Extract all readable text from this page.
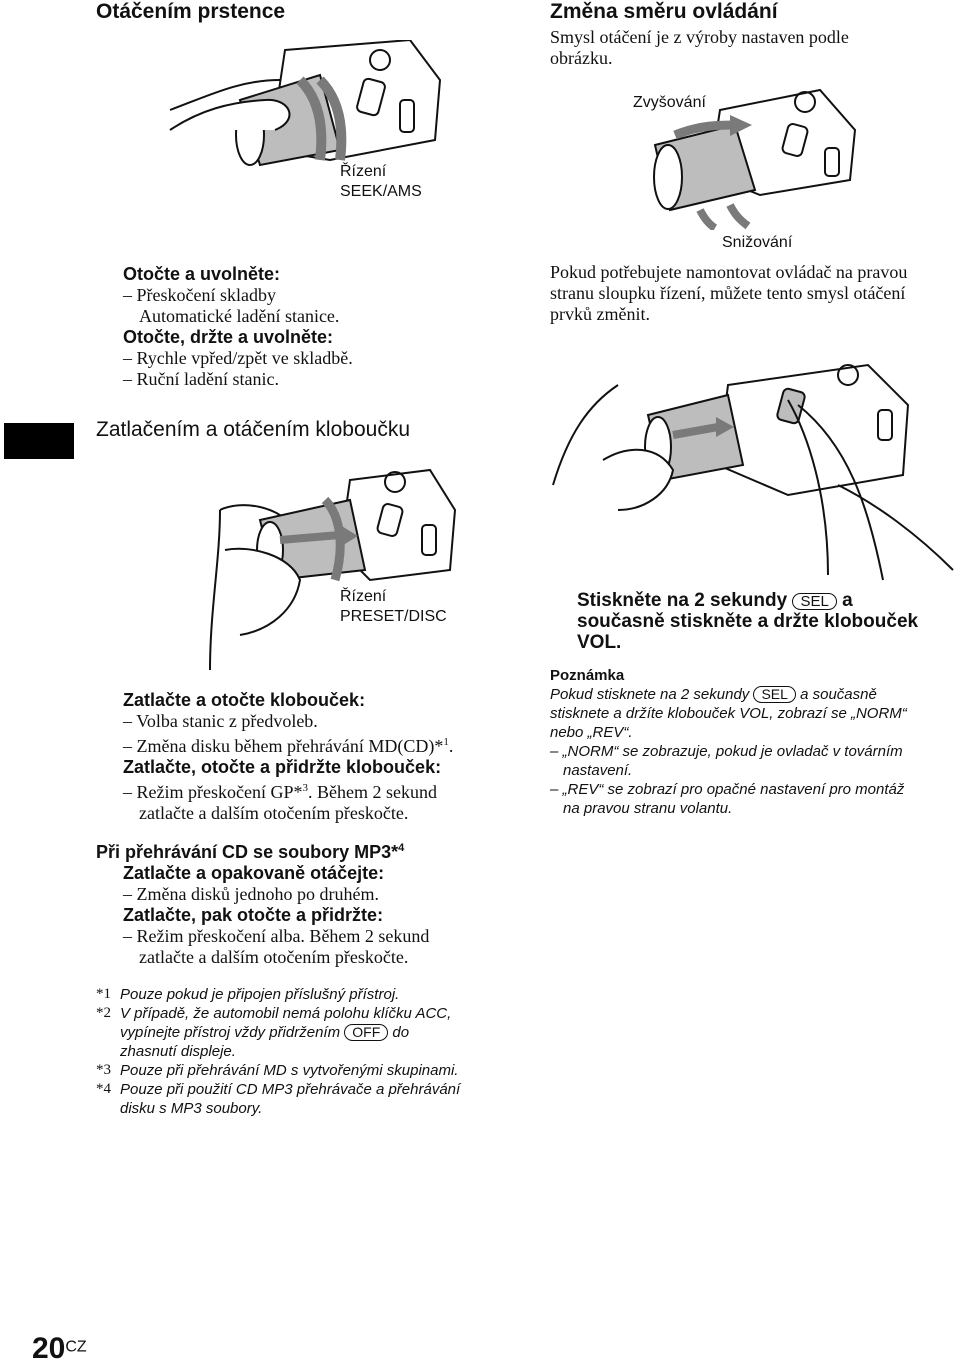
Otáčením prstence
Řízení
SEEK/AMS
Otočte a uvolněte:
– Přeskočení skladby
Automatické ladění stanice.
Otočte, držte a uvolněte:
– Rychle vpřed/zpět ve skladbě.
– Ruční ladění stanic.
Zatlačením a otáčením kloboučku
Řízení
PRESET/DISC
Zatlačte a otočte klobouček:
– Volba stanic z předvoleb.
– Změna disku během přehrávání MD(CD)*$^1$.
Zatlačte, otočte a přidržte klobouček:
– Režim přeskočení GP*$^3$. Během 2 sekund
zatlačte a dalším otočením přeskočte.
Při přehrávání CD se soubory MP3*$^4$
Zatlačte a opakovaně otáčejte:
– Změna disků jednoho po druhém.
Zatlačte, pak otočte a přidržte:
– Režim přeskočení alba. Během 2 sekund
zatlačte a dalším otočením přeskočte.
*1 Pouze pokud je připojen příslušný přístroj.
*2 V případě, že automobil nemá polohu klíčku ACC,
vypínejte přístroj vždy přidržením OFF do
zhasnutí displeje.
*3 Pouze při přehrávání MD s vytvořenými skupinami.
*4 Pouze při použití CD MP3 přehrávače a přehrávání
disku s MP3 soubory.
Změna směru ovládání
Smysl otáčení je z výroby nastaven podle
obrázku.
Zvyšování
Snižování
Pokud potřebujete namontovat ovládač na pravou
stranu sloupku řízení, můžete tento smysl otáčení
prvků změnit.
Stiskněte na 2 sekundy SEL a
současně stiskněte a držte klobouček
VOL.
Poznámka
Pokud stisknete na 2 sekundy SEL a současně
stisknete a držíte klobouček VOL, zobrazí se „NORM“
nebo „REV“.
– „NORM“ se zobrazuje, pokud je ovladač v továrním
nastavení.
– „REV“ se zobrazí pro opačné nastavení pro montáž
na pravou stranu volantu.
$20^{CZ}$
